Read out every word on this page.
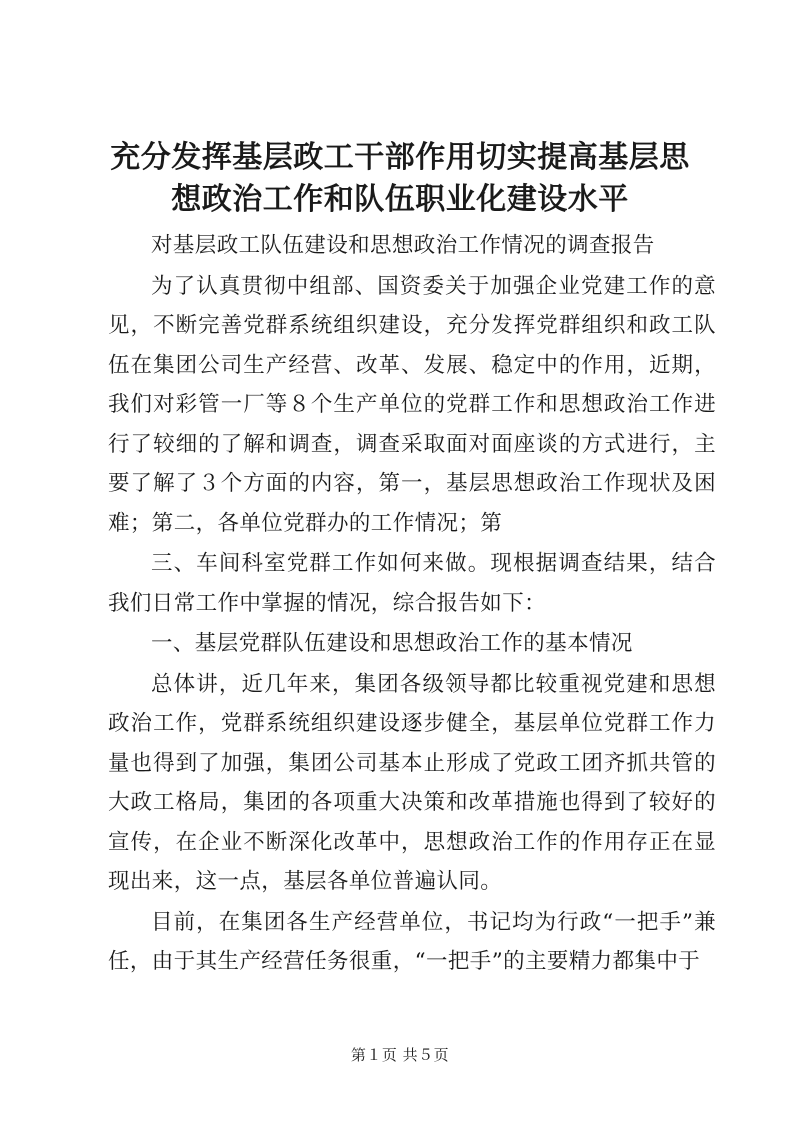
充分发挥基层政工干部作用切实提高基层思想政治工作和队伍职业化建设水平

对基层政工队伍建设和思想政治工作情况的调查报告

为了认真贯彻中组部、国资委关于加强企业党建工作的意见，不断完善党群系统组织建设，充分发挥党群组织和政工队伍在集团公司生产经营、改革、发展、稳定中的作用，近期，我们对彩管一厂等８个生产单位的党群工作和思想政治工作进行了较细的了解和调查，调查采取面对面座谈的方式进行，主要了解了３个方面的内容，第一，基层思想政治工作现状及困难；第二，各单位党群办的工作情况；第

三、车间科室党群工作如何来做。现根据调查结果，结合我们日常工作中掌握的情况，综合报告如下：

一、基层党群队伍建设和思想政治工作的基本情况

总体讲，近几年来，集团各级领导都比较重视党建和思想政治工作，党群系统组织建设逐步健全，基层单位党群工作力量也得到了加强，集团公司基本止形成了党政工团齐抓共管的大政工格局，集团的各项重大决策和改革措施也得到了较好的宣传，在企业不断深化改革中，思想政治工作的作用存正在显现出来，这一点，基层各单位普遍认同。

目前，在集团各生产经营单位，书记均为行政“一把手”兼任，由于其生产经营任务很重，“一把手”的主要精力都集中于

第１页 共５页
